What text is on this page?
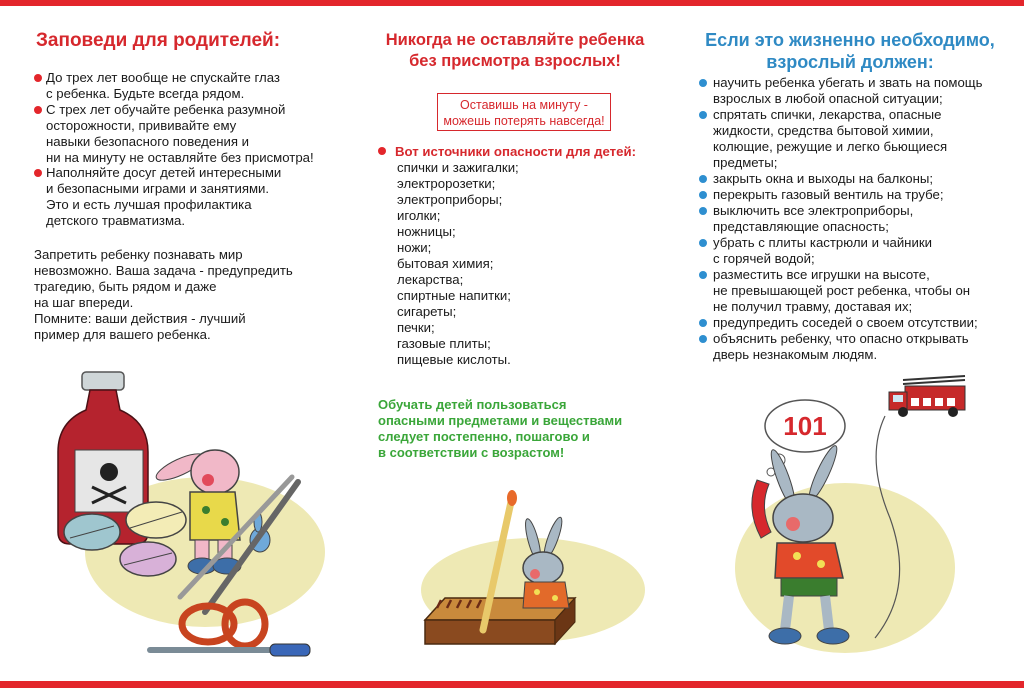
Заповеди для родителей:
До трех лет вообще не спускайте глаз
с ребенка. Будьте всегда рядом.
С трех лет обучайте ребенка разумной
осторожности, прививайте ему
навыки безопасного поведения и
ни на минуту не оставляйте без присмотра!
Наполняйте досуг детей интересными
и безопасными играми и занятиями.
Это и есть лучшая профилактика
детского травматизма.

Запретить ребенку познавать мир
невозможно. Ваша задача - предупредить
трагедию, быть рядом и даже
на шаг впереди.
Помните: ваши действия - лучший
пример для вашего ребенка.

Никогда не оставляйте ребенка
без присмотра взрослых!
Оставишь на минуту -
можешь потерять навсегда!

Вот источники опасности для детей:

спички и зажигалки;
электророзетки;
электроприборы;
иголки;
ножницы;
ножи;
бытовая химия;
лекарства;
спиртные напитки;
сигареты;
печки;
газовые плиты;
пищевые кислоты.

Обучать детей пользоваться
опасными предметами и веществами
следует постепенно, пошагово и
в соответствии с возрастом!

Если это жизненно необходимо,
взрослый должен:
научить ребенка убегать и звать на помощь
взрослых в любой опасной ситуации;
спрятать спички, лекарства, опасные
жидкости, средства бытовой химии,
колющие, режущие и легко бьющиеся
предметы;
закрыть окна и выходы на балконы;
перекрыть газовый вентиль на трубе;
выключить все электроприборы,
представляющие опасность;
убрать с плиты кастрюли и чайники
с горячей водой;
разместить все игрушки на высоте,
не превышающей рост ребенка, чтобы он
не получил травму, доставая их;
предупредить соседей о своем отсутствии;
объяснить ребенку, что опасно открывать
дверь незнакомым людям.
101
